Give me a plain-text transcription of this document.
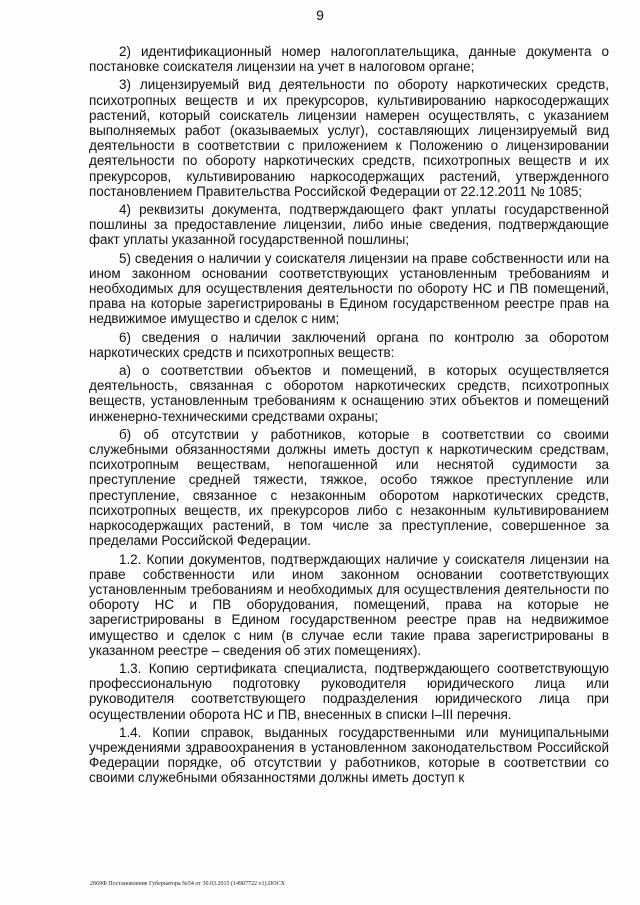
9

2) идентификационный номер налогоплательщика, данные документа о постановке соискателя лицензии на учет в налоговом органе;

3) лицензируемый вид деятельности по обороту наркотических средств, психотропных веществ и их прекурсоров, культивированию наркосодержащих растений, который соискатель лицензии намерен осуществлять, с указанием выполняемых работ (оказываемых услуг), составляющих лицензируемый вид деятельности в соответствии с приложением к Положению о лицензировании деятельности по обороту наркотических средств, психотропных веществ и их прекурсоров, культивированию наркосодержащих растений, утвержденного постановлением Правительства Российской Федерации от 22.12.2011 № 1085;

4) реквизиты документа, подтверждающего факт уплаты государственной пошлины за предоставление лицензии, либо иные сведения, подтверждающие факт уплаты указанной государственной пошлины;

5) сведения о наличии у соискателя лицензии на праве собственности или на ином законном основании соответствующих установленным требованиям и необходимых для осуществления деятельности по обороту НС и ПВ помещений, права на которые зарегистрированы в Едином государственном реестре прав на недвижимое имущество и сделок с ним;

6) сведения о наличии заключений органа по контролю за оборотом наркотических средств и психотропных веществ:

а) о соответствии объектов и помещений, в которых осуществляется деятельность, связанная с оборотом наркотических средств, психотропных веществ, установленным требованиям к оснащению этих объектов и помещений инженерно-техническими средствами охраны;

б) об отсутствии у работников, которые в соответствии со своими служебными обязанностями должны иметь доступ к наркотическим средствам, психотропным веществам, непогашенной или неснятой судимости за преступление средней тяжести, тяжкое, особо тяжкое преступление или преступление, связанное с незаконным оборотом наркотических средств, психотропных веществ, их прекурсоров либо с незаконным культивированием наркосодержащих растений, в том числе за преступление, совершенное за пределами Российской Федерации.

1.2. Копии документов, подтверждающих наличие у соискателя лицензии на праве собственности или ином законном основании соответствующих установленным требованиям и необходимых для осуществления деятельности по обороту НС и ПВ оборудования, помещений, права на которые не зарегистрированы в Едином государственном реестре прав на недвижимое имущество и сделок с ним (в случае если такие права зарегистрированы в указанном реестре – сведения об этих помещениях).

1.3. Копию сертификата специалиста, подтверждающего соответствующую профессиональную подготовку руководителя юридического лица или руководителя соответствующего подразделения юридического лица при осуществлении оборота НС и ПВ, внесенных в списки I–III перечня.

1.4. Копии справок, выданных государственными или муниципальными учреждениями здравоохранения в установленном законодательством Российской Федерации порядке, об отсутствии у работников, которые в соответствии со своими служебными обязанностями должны иметь доступ к

2069Ф Постановление Губернатора №54 от 30.03.2015 (14907722 v1).DOCX
